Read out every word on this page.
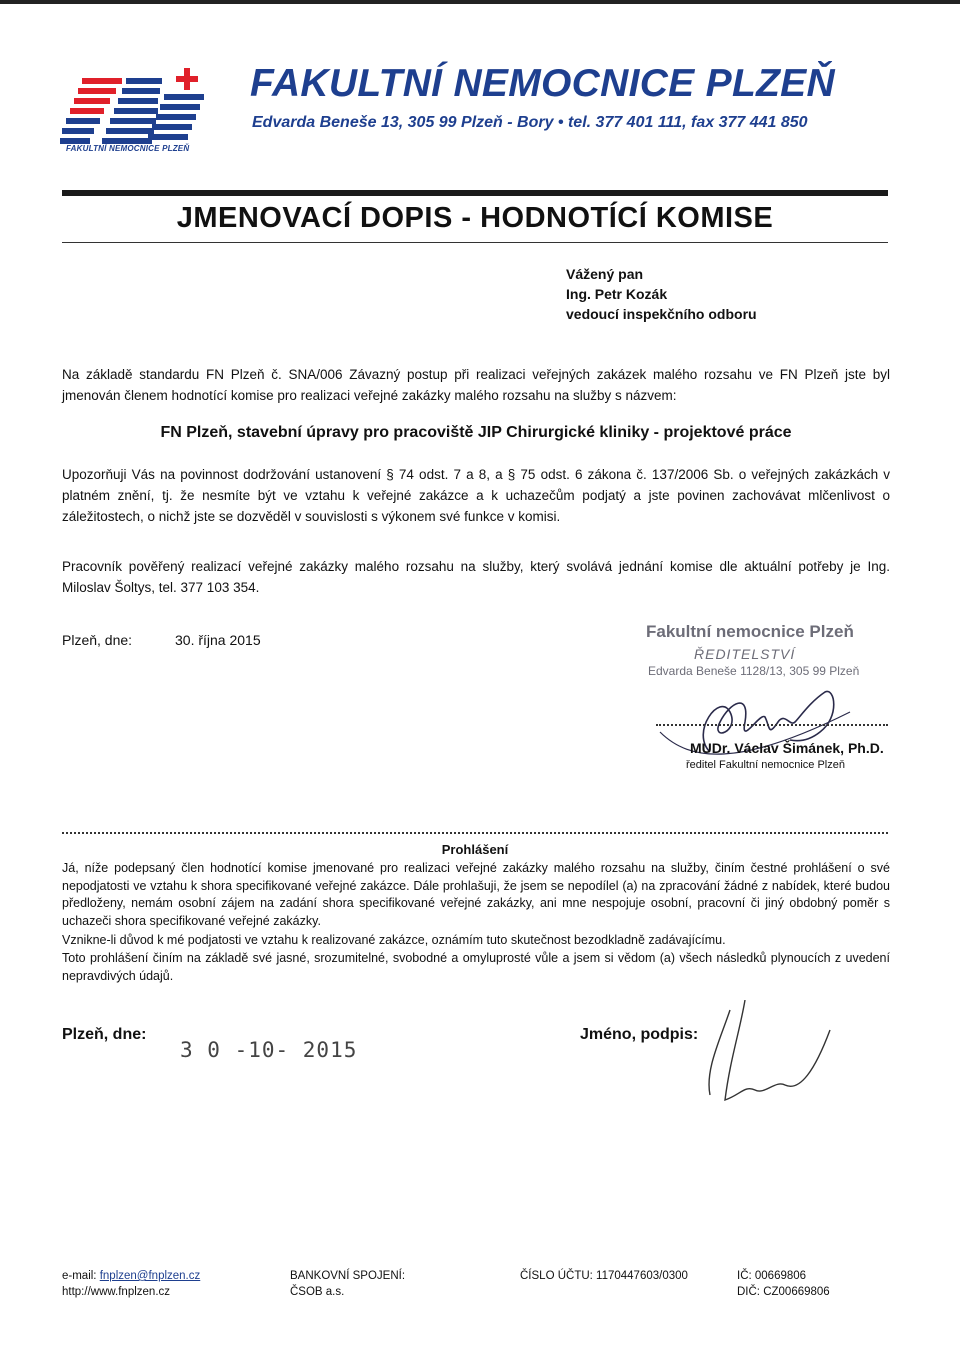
FN
FAKULTNÍ NEMOCNICE PLZEŇ
FAKULTNÍ NEMOCNICE PLZEŇ
Edvarda Beneše 13, 305 99 Plzeň - Bory • tel. 377 401 111, fax 377 441 850
JMENOVACÍ DOPIS - HODNOTÍCÍ KOMISE
Vážený pan
Ing. Petr Kozák
vedoucí inspekčního odboru
Na základě standardu FN Plzeň č. SNA/006 Závazný postup při realizaci veřejných zakázek malého rozsahu ve FN Plzeň jste byl jmenován členem hodnotící komise pro realizaci veřejné zakázky malého rozsahu na služby s názvem:
FN Plzeň, stavební úpravy pro pracoviště JIP Chirurgické kliniky - projektové práce
Upozorňuji Vás na povinnost dodržování ustanovení § 74 odst. 7 a 8, a § 75 odst. 6 zákona č. 137/2006 Sb. o veřejných zakázkách v platném znění, tj. že nesmíte být ve vztahu k veřejné zakázce a k uchazečům podjatý a jste povinen zachovávat mlčenlivost o záležitostech, o nichž jste se dozvěděl v souvislosti s výkonem své funkce v komisi.
Pracovník pověřený realizací veřejné zakázky malého rozsahu na služby, který svolává jednání komise dle aktuální potřeby je Ing. Miloslav Šoltys, tel. 377 103 354.
Plzeň, dne:	30. října 2015	Fakultní nemocnice Plzeň
ŘEDITELSTVÍ
Edvarda Beneše 1128/13, 305 99 Plzeň
MUDr. Václav Šimánek, Ph.D.
ředitel Fakultní nemocnice Plzeň
Prohlášení
Já, níže podepsaný člen hodnotící komise jmenované pro realizaci veřejné zakázky malého rozsahu na služby, činím čestné prohlášení o své nepodjatosti ve vztahu k shora specifikované veřejné zakázce. Dále prohlašuji, že jsem se nepodílel (a) na zpracování žádné z nabídek, které budou předloženy, nemám osobní zájem na zadání shora specifikované veřejné zakázky, ani mne nespojuje osobní, pracovní či jiný obdobný poměr s uchazeči shora specifikované veřejné zakázky.
Vznikne-li důvod k mé podjatosti ve vztahu k realizované zakázce, oznámím tuto skutečnost bezodkladně zadávajícímu.
Toto prohlášení činím na základě své jasné, srozumitelné, svobodné a omyluprosté vůle a jsem si vědom (a) všech následků plynoucích z uvedení nepravdivých údajů.
Plzeň, dne:
3 0 -10- 2015
Jméno, podpis:
e-mail: fnplzen@fnplzen.cz
http://www.fnplzen.cz
BANKOVNÍ SPOJENÍ:
ČSOB a.s.
ČÍSLO ÚČTU: 1170447603/0300	IČ: 00669806
DIČ: CZ00669806
